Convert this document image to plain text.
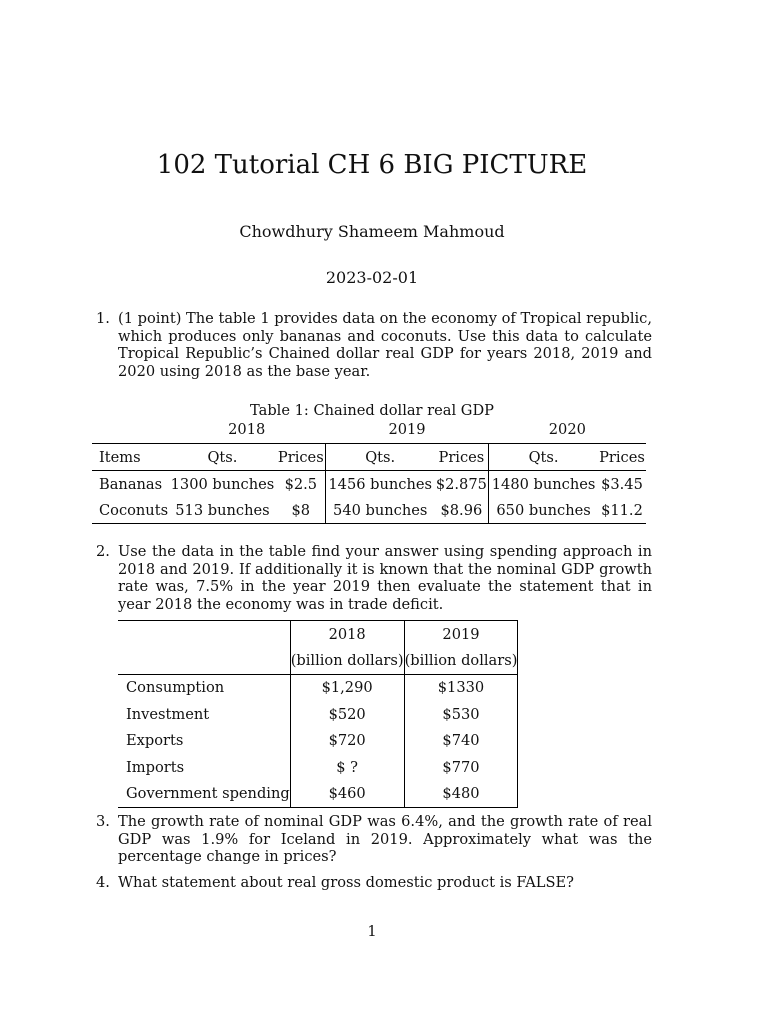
102 Tutorial CH 6 BIG PICTURE
Chowdhury Shameem Mahmoud
2023-02-01
1. (1 point) The table 1 provides data on the economy of Tropical republic, which produces only bananas and coconuts. Use this data to calculate Tropical Republic’s Chained dollar real GDP for years 2018, 2019 and 2020 using 2018 as the base year.
Table 1: Chained dollar real GDP
	2018		2019		2020	
Items	Qts.	Prices	Qts.	Prices	Qts.	Prices
Bananas	1300 bunches	$2.5	1456 bunches	$2.875	1480 bunches	$3.45
Coconuts	513 bunches	$8	540 bunches	$8.96	650 bunches	$11.2
2. Use the data in the table find your answer using spending approach in 2018 and 2019. If additionally it is known that the nominal GDP growth rate was, 7.5% in the year 2019 then evaluate the statement that in year 2018 the economy was in trade deficit.
	2018	2019
	(billion dollars)	(billion dollars)
Consumption	$1,290	$1330
Investment	$520	$530
Exports	$720	$740
Imports	$ ?	$770
Government spending	$460	$480
3. The growth rate of nominal GDP was 6.4%, and the growth rate of real GDP was 1.9% for Iceland in 2019. Approximately what was the percentage change in prices?
4. What statement about real gross domestic product is FALSE?
1
